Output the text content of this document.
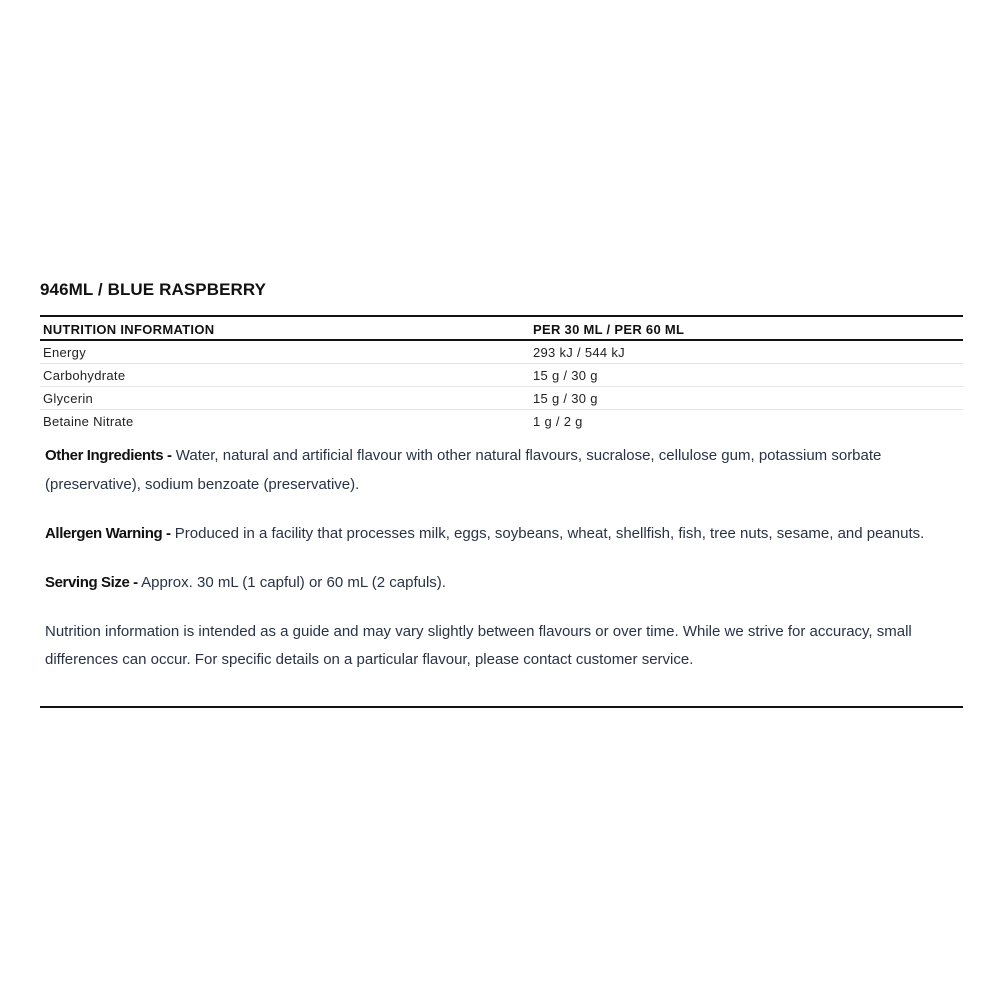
946ML / BLUE RASPBERRY
NUTRITION INFORMATION	PER 30 ML / PER 60 ML
Energy	293 kJ / 544 kJ
Carbohydrate	15 g / 30 g
Glycerin	15 g / 30 g
Betaine Nitrate	1 g / 2 g

Other Ingredients - Water, natural and artificial flavour with other natural flavours, sucralose, cellulose gum, potassium sorbate (preservative), sodium benzoate (preservative).

Allergen Warning - Produced in a facility that processes milk, eggs, soybeans, wheat, shellfish, fish, tree nuts, sesame, and peanuts.

Serving Size - Approx. 30 mL (1 capful) or 60 mL (2 capfuls).

Nutrition information is intended as a guide and may vary slightly between flavours or over time. While we strive for accuracy, small differences can occur. For specific details on a particular flavour, please contact customer service.
